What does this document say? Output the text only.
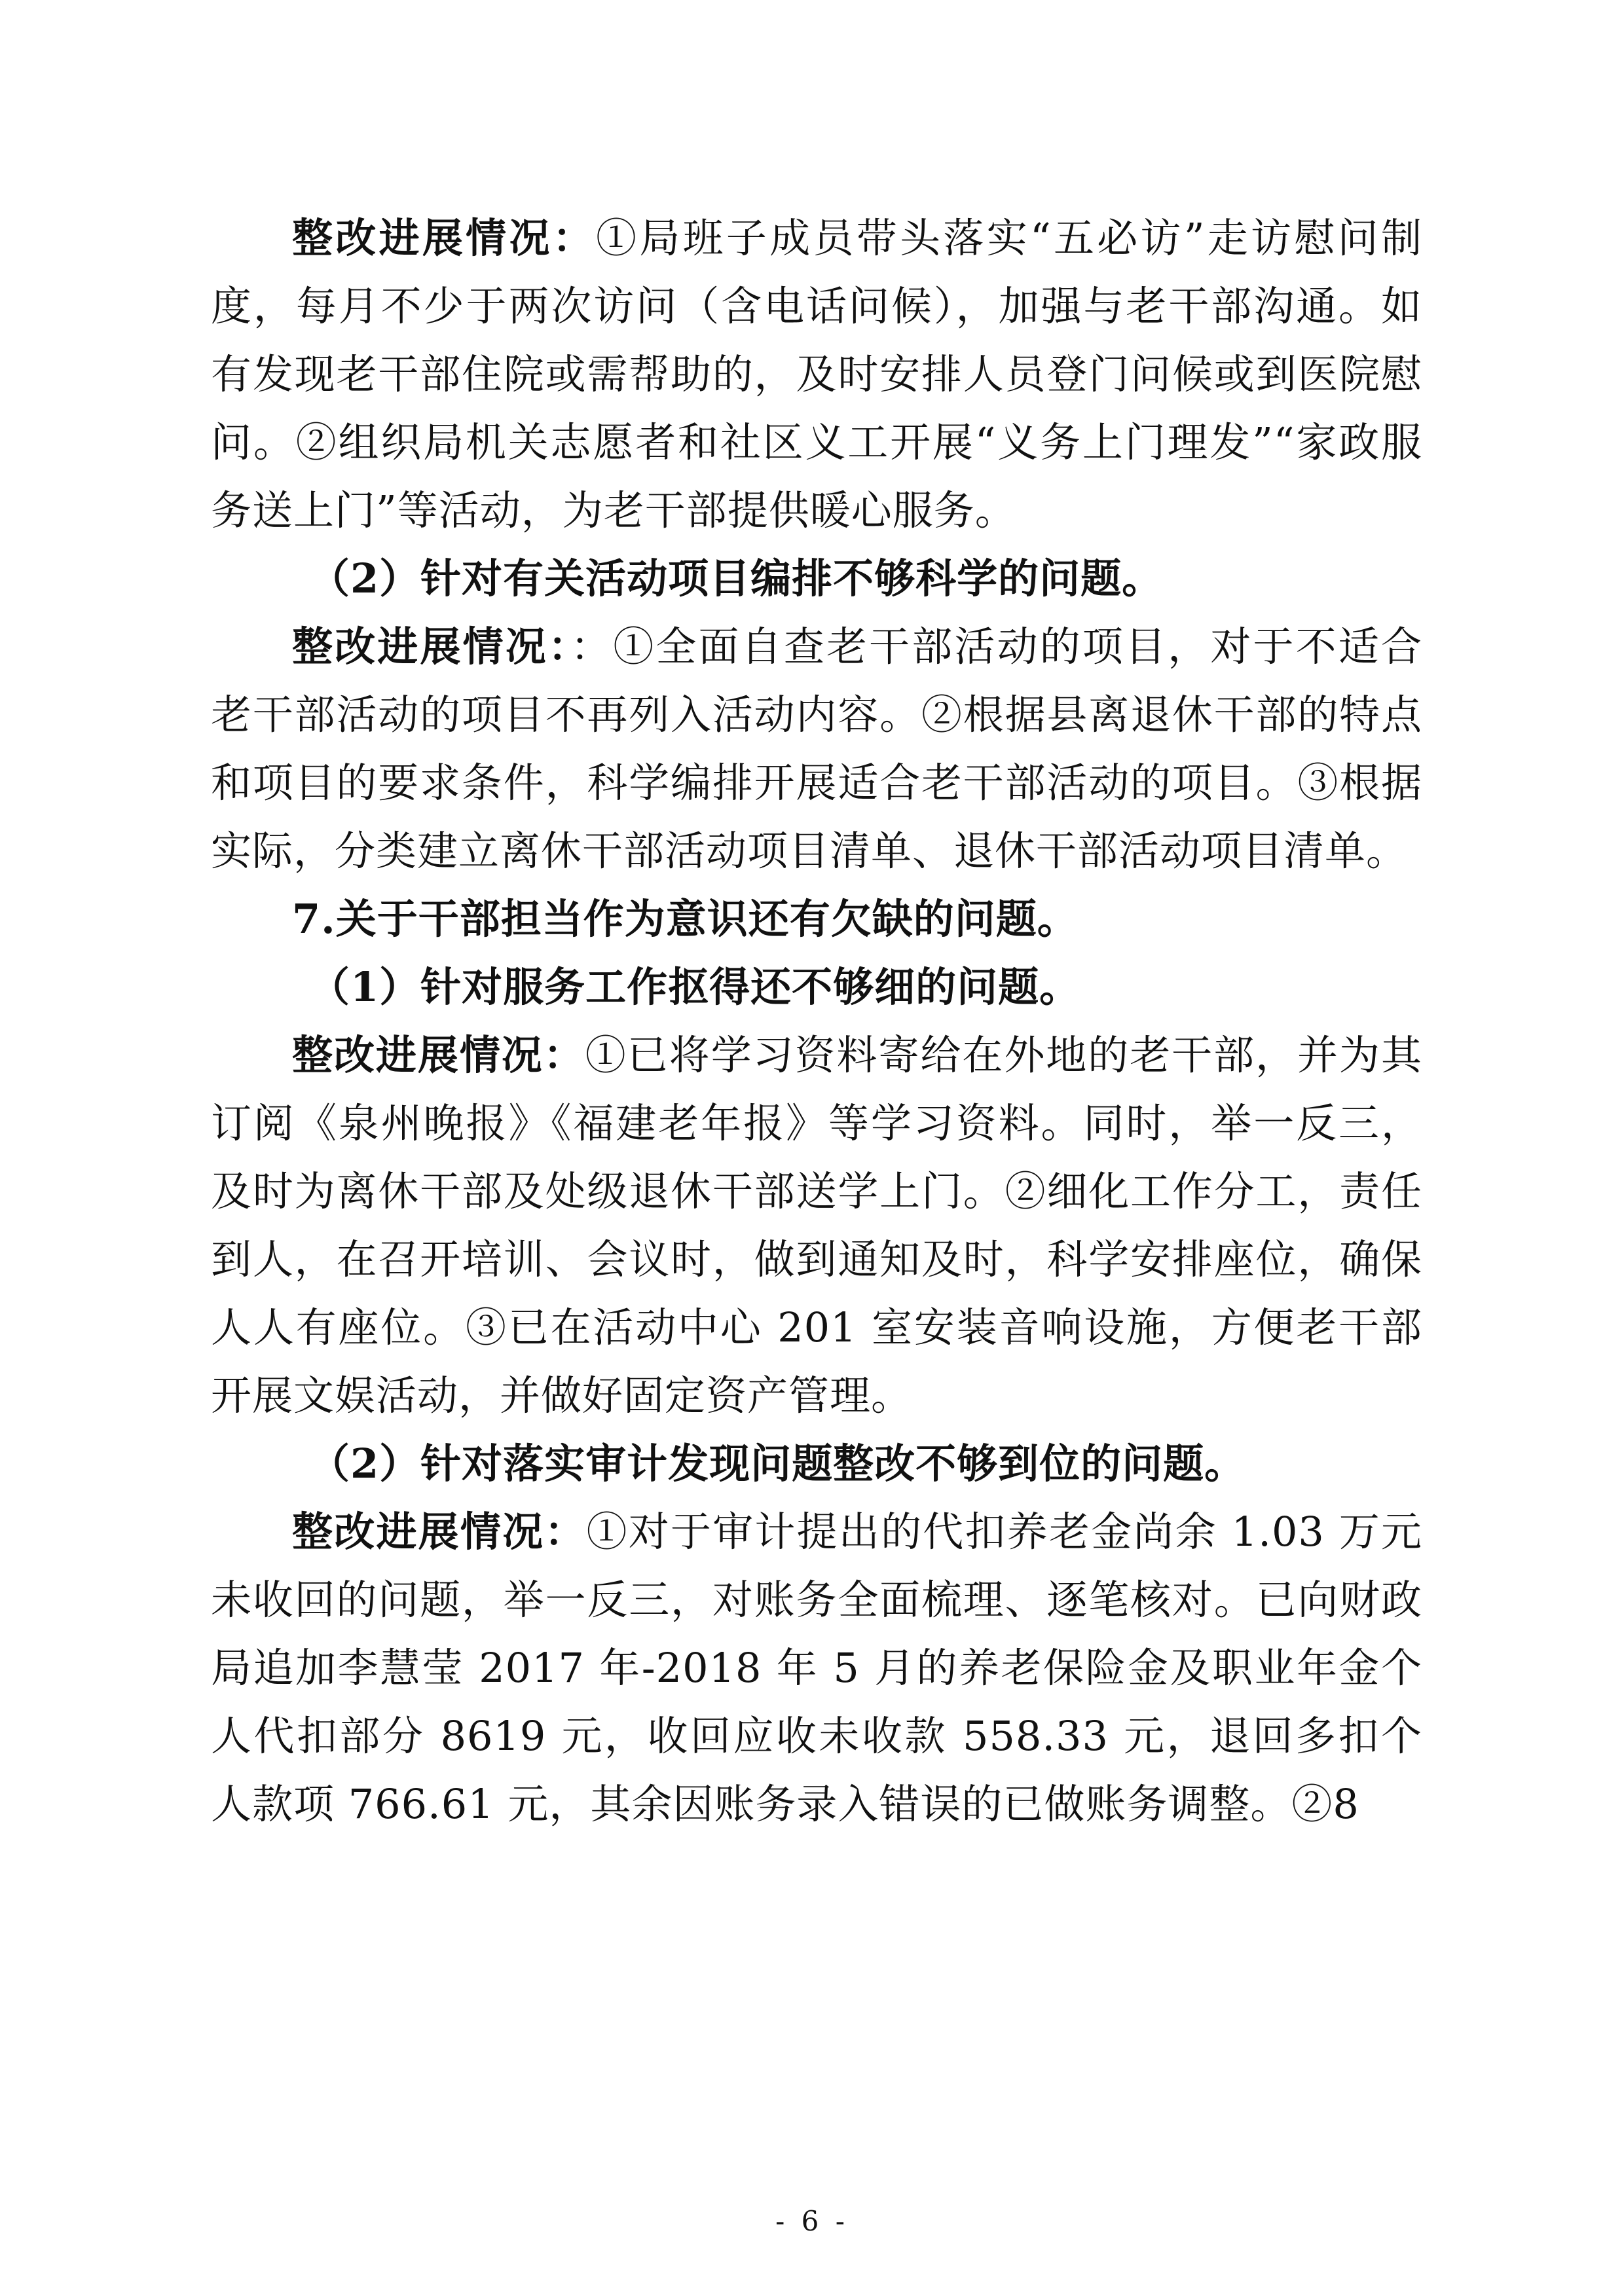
整改进展情况：①局班子成员带头落实“五必访”走访慰问制度，每月不少于两次访问（含电话问候），加强与老干部沟通。如有发现老干部住院或需帮助的，及时安排人员登门问候或到医院慰问。②组织局机关志愿者和社区义工开展“义务上门理发”“家政服务送上门”等活动，为老干部提供暖心服务。

（2）针对有关活动项目编排不够科学的问题。

整改进展情况：：①全面自查老干部活动的项目，对于不适合老干部活动的项目不再列入活动内容。②根据县离退休干部的特点和项目的要求条件，科学编排开展适合老干部活动的项目。③根据实际，分类建立离休干部活动项目清单、退休干部活动项目清单。

7.关于干部担当作为意识还有欠缺的问题。

（1）针对服务工作抠得还不够细的问题。

整改进展情况：①已将学习资料寄给在外地的老干部，并为其订阅《泉州晚报》《福建老年报》等学习资料。同时，举一反三，及时为离休干部及处级退休干部送学上门。②细化工作分工，责任到人，在召开培训、会议时，做到通知及时，科学安排座位，确保人人有座位。③已在活动中心 201 室安装音响设施，方便老干部开展文娱活动，并做好固定资产管理。

（2）针对落实审计发现问题整改不够到位的问题。

整改进展情况：①对于审计提出的代扣养老金尚余 1.03 万元未收回的问题，举一反三，对账务全面梳理、逐笔核对。已向财政局追加李慧莹 2017 年-2018 年 5 月的养老保险金及职业年金个人代扣部分 8619 元，收回应收未收款 558.33 元，退回多扣个人款项 766.61 元，其余因账务录入错误的已做账务调整。②8

- 6 -
